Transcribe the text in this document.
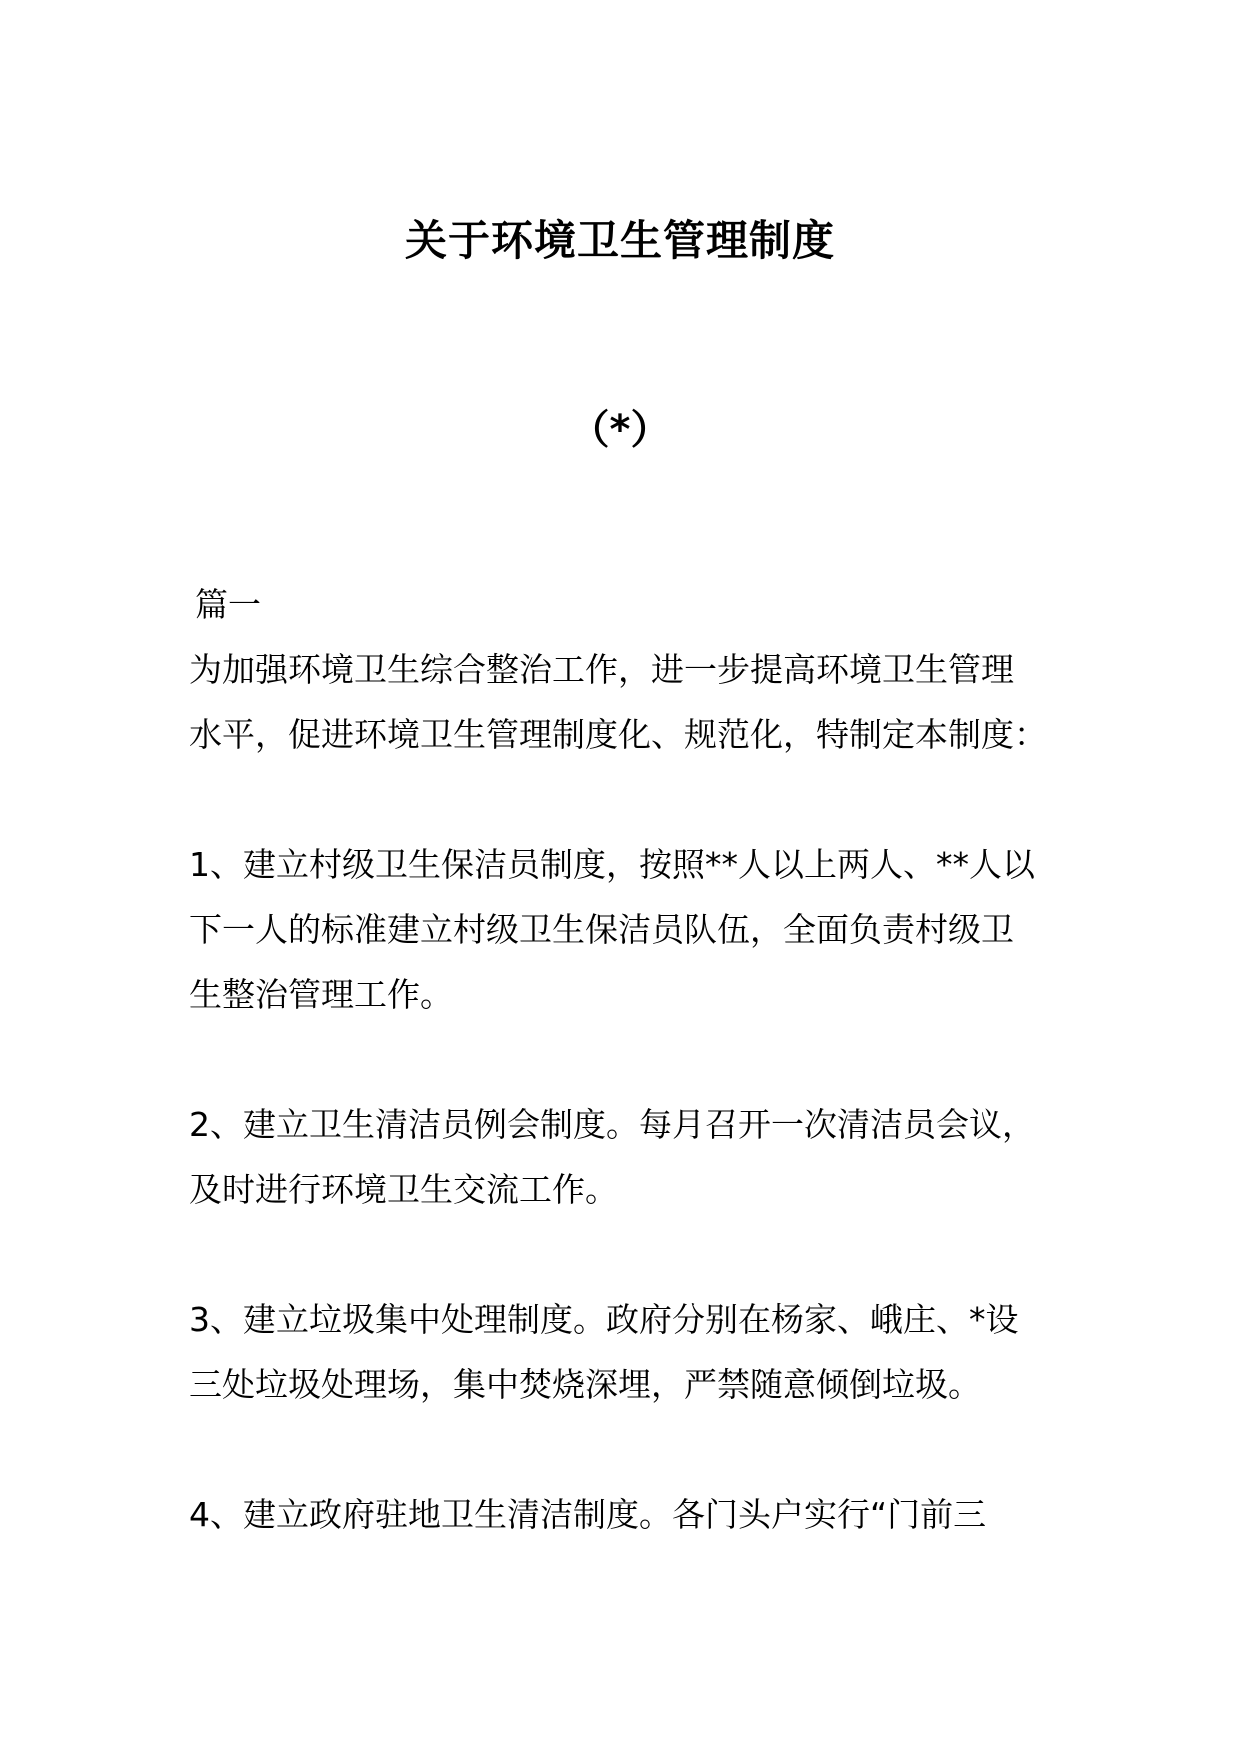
关于环境卫生管理制度
（*）
篇一
为加强环境卫生综合整治工作，进一步提高环境卫生管理
水平，促进环境卫生管理制度化、规范化，特制定本制度：
1、建立村级卫生保洁员制度，按照**人以上两人、**人以
下一人的标准建立村级卫生保洁员队伍，全面负责村级卫
生整治管理工作。
2、建立卫生清洁员例会制度。每月召开一次清洁员会议，
及时进行环境卫生交流工作。
3、建立垃圾集中处理制度。政府分别在杨家、峨庄、*设
三处垃圾处理场，集中焚烧深埋，严禁随意倾倒垃圾。
4、建立政府驻地卫生清洁制度。各门头户实行“门前三
